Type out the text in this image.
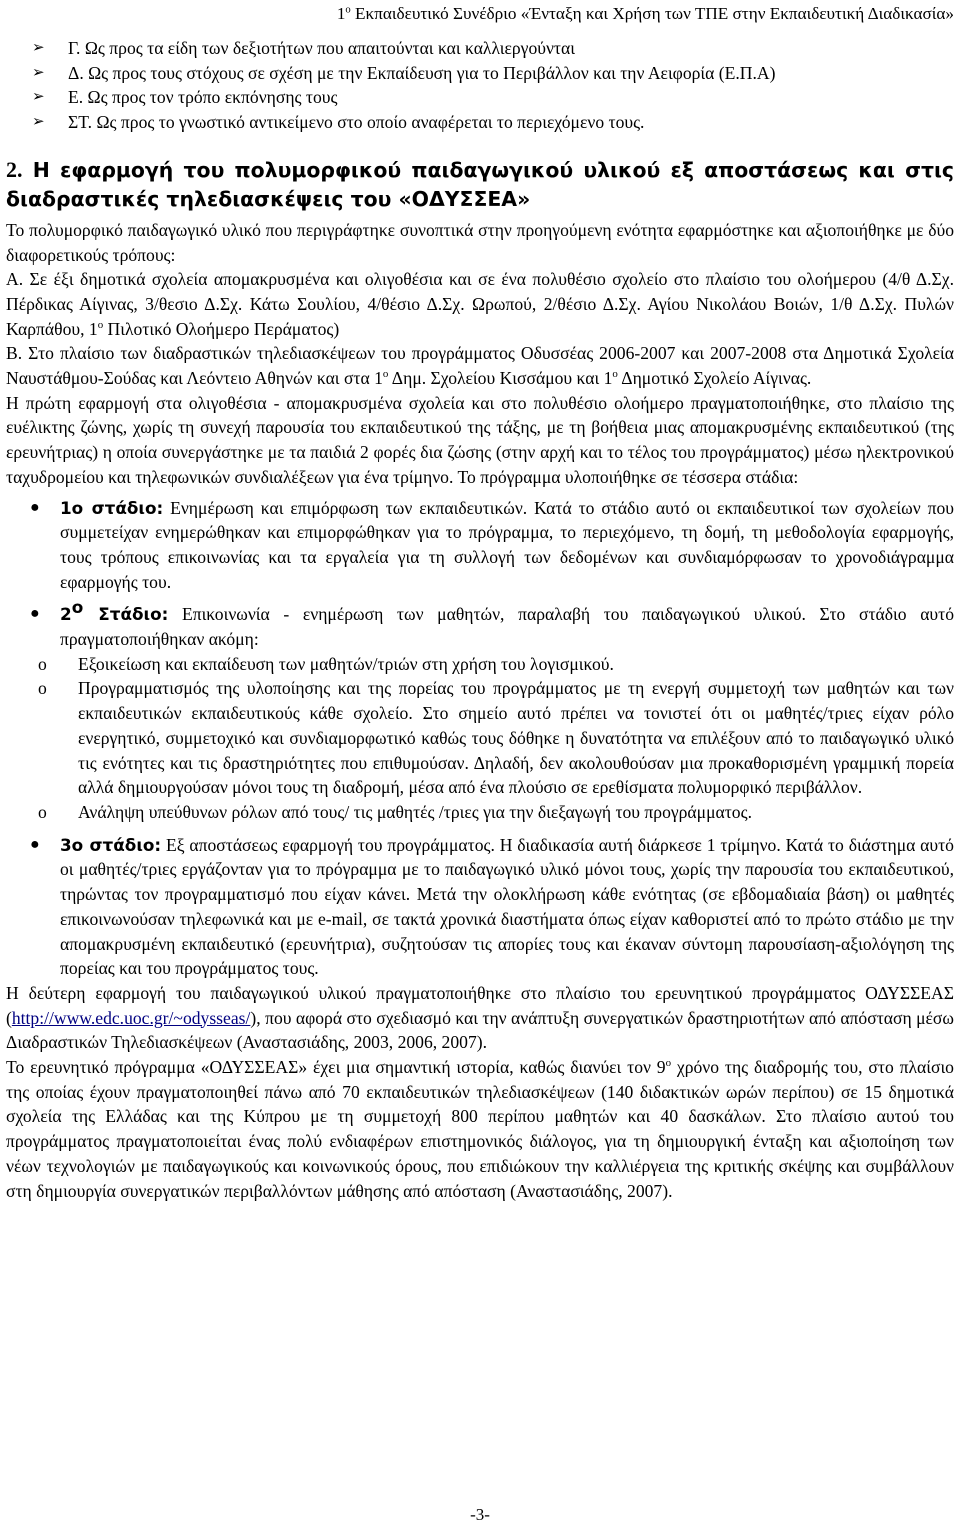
$1^o$ Εκπαιδευτικό Συνέδριο «Ένταξη και Χρήση των ΤΠΕ στην Εκπαιδευτική Διαδικασία»
➢	Γ. Ως προς τα είδη των δεξιοτήτων που απαιτούνται και καλλιεργούνται
➢	Δ. Ως προς τους στόχους σε σχέση με την Εκπαίδευση για το Περιβάλλον και την Αειφορία (Ε.Π.Α)
➢	Ε. Ως προς τον τρόπο εκπόνησης τους
➢	ΣΤ. Ως προς το γνωστικό αντικείμενο στο οποίο αναφέρεται το περιεχόμενο τους.
2. Η εφαρμογή του πολυμορφικού παιδαγωγικού υλικού εξ αποστάσεως και στις διαδραστικές τηλεδιασκέψεις του «ΟΔΥΣΣΕΑ»
Το πολυμορφικό παιδαγωγικό υλικό που περιγράφτηκε συνοπτικά στην προηγούμενη ενότητα εφαρμόστηκε και αξιοποιήθηκε με δύο διαφορετικούς τρόπους:
Α. Σε έξι δημοτικά σχολεία απομακρυσμένα και ολιγοθέσια και σε ένα πολυθέσιο σχολείο στο πλαίσιο του ολοήμερου (4/θ Δ.Σχ. Πέρδικας Αίγινας, 3/θεσιο Δ.Σχ. Κάτω Σουλίου, 4/θέσιο Δ.Σχ. Ωρωπού, 2/θέσιο Δ.Σχ. Αγίου Νικολάου Βοιών, 1/θ Δ.Σχ. Πυλών Καρπάθου, $1^o$ Πιλοτικό Ολοήμερο Περάματος)
Β. Στο πλαίσιο των διαδραστικών τηλεδιασκέψεων του προγράμματος Οδυσσέας 2006-2007 και 2007-2008 στα Δημοτικά Σχολεία Ναυστάθμου-Σούδας και Λεόντειο Αθηνών και στα $1^o$ Δημ. Σχολείου Κισσάμου και $1^o$ Δημοτικό Σχολείο Αίγινας.
Η πρώτη εφαρμογή στα ολιγοθέσια - απομακρυσμένα σχολεία και στο πολυθέσιο ολοήμερο πραγματοποιήθηκε, στο πλαίσιο της ευέλικτης ζώνης, χωρίς τη συνεχή παρουσία του εκπαιδευτικού της τάξης, με τη βοήθεια μιας απομακρυσμένης εκπαιδευτικού (της ερευνήτριας) η οποία συνεργάστηκε με τα παιδιά 2 φορές δια ζώσης (στην αρχή και το τέλος του προγράμματος) μέσω ηλεκτρονικού ταχυδρομείου και τηλεφωνικών συνδιαλέξεων για ένα τρίμηνο. Το πρόγραμμα υλοποιήθηκε σε τέσσερα στάδια:
●	1ο στάδιο: Ενημέρωση και επιμόρφωση των εκπαιδευτικών. Κατά το στάδιο αυτό οι εκπαιδευτικοί των σχολείων που συμμετείχαν ενημερώθηκαν και επιμορφώθηκαν για το πρόγραμμα, το περιεχόμενο, τη δομή, τη μεθοδολογία εφαρμογής, τους τρόπους επικοινωνίας και τα εργαλεία για τη συλλογή των δεδομένων και συνδιαμόρφωσαν το χρονοδιάγραμμα εφαρμογής του.
●	$2^o$ Στάδιο: Επικοινωνία - ενημέρωση των μαθητών, παραλαβή του παιδαγωγικού υλικού. Στο στάδιο αυτό πραγματοποιήθηκαν ακόμη:
o	Εξοικείωση και εκπαίδευση των μαθητών/τριών στη χρήση του λογισμικού.
o	Προγραμματισμός της υλοποίησης και της πορείας του προγράμματος με τη ενεργή συμμετοχή των μαθητών και των εκπαιδευτικών εκπαιδευτικούς κάθε σχολείο. Στο σημείο αυτό πρέπει να τονιστεί ότι οι μαθητές/τριες είχαν ρόλο ενεργητικό, συμμετοχικό και συνδιαμορφωτικό καθώς τους δόθηκε η δυνατότητα να επιλέξουν από το παιδαγωγικό υλικό τις ενότητες και τις δραστηριότητες που επιθυμούσαν. Δηλαδή, δεν ακολουθούσαν μια προκαθορισμένη γραμμική πορεία αλλά δημιουργούσαν μόνοι τους τη διαδρομή, μέσα από ένα πλούσιο σε ερεθίσματα πολυμορφικό περιβάλλον.
o	Ανάληψη υπεύθυνων ρόλων από τους/ τις μαθητές /τριες για την διεξαγωγή του προγράμματος.
●	3ο στάδιο: Εξ αποστάσεως εφαρμογή του προγράμματος. Η διαδικασία αυτή διάρκεσε 1 τρίμηνο. Κατά το διάστημα αυτό οι μαθητές/τριες εργάζονταν για το πρόγραμμα με το παιδαγωγικό υλικό μόνοι τους, χωρίς την παρουσία του εκπαιδευτικού, τηρώντας τον προγραμματισμό που είχαν κάνει. Μετά την ολοκλήρωση κάθε ενότητας (σε εβδομαδιαία βάση) οι μαθητές επικοινωνούσαν τηλεφωνικά και με e-mail, σε τακτά χρονικά διαστήματα όπως είχαν καθοριστεί από το πρώτο στάδιο με την απομακρυσμένη εκπαιδευτικό (ερευνήτρια), συζητούσαν τις απορίες τους και έκαναν σύντομη παρουσίαση-αξιολόγηση της πορείας και του προγράμματος τους.
Η δεύτερη εφαρμογή του παιδαγωγικού υλικού πραγματοποιήθηκε στο πλαίσιο του ερευνητικού προγράμματος ΟΔΥΣΣΕΑΣ (http://www.edc.uoc.gr/~odysseas/), που αφορά στο σχεδιασμό και την ανάπτυξη συνεργατικών δραστηριοτήτων από απόσταση μέσω Διαδραστικών Τηλεδιασκέψεων (Αναστασιάδης, 2003, 2006, 2007).
Το ερευνητικό πρόγραμμα «ΟΔΥΣΣΕΑΣ» έχει μια σημαντική ιστορία, καθώς διανύει τον $9^o$ χρόνο της διαδρομής του, στο πλαίσιο της οποίας έχουν πραγματοποιηθεί πάνω από 70 εκπαιδευτικών τηλεδιασκέψεων (140 διδακτικών ωρών περίπου) σε 15 δημοτικά σχολεία της Ελλάδας και της Κύπρου με τη συμμετοχή 800 περίπου μαθητών και 40 δασκάλων. Στο πλαίσιο αυτού του προγράμματος πραγματοποιείται ένας πολύ ενδιαφέρων επιστημονικός διάλογος, για τη δημιουργική ένταξη και αξιοποίηση των νέων τεχνολογιών με παιδαγωγικούς και κοινωνικούς όρους, που επιδιώκουν την καλλιέργεια της κριτικής σκέψης και συμβάλλουν στη δημιουργία συνεργατικών περιβαλλόντων μάθησης από απόσταση (Αναστασιάδης, 2007).
-3-
